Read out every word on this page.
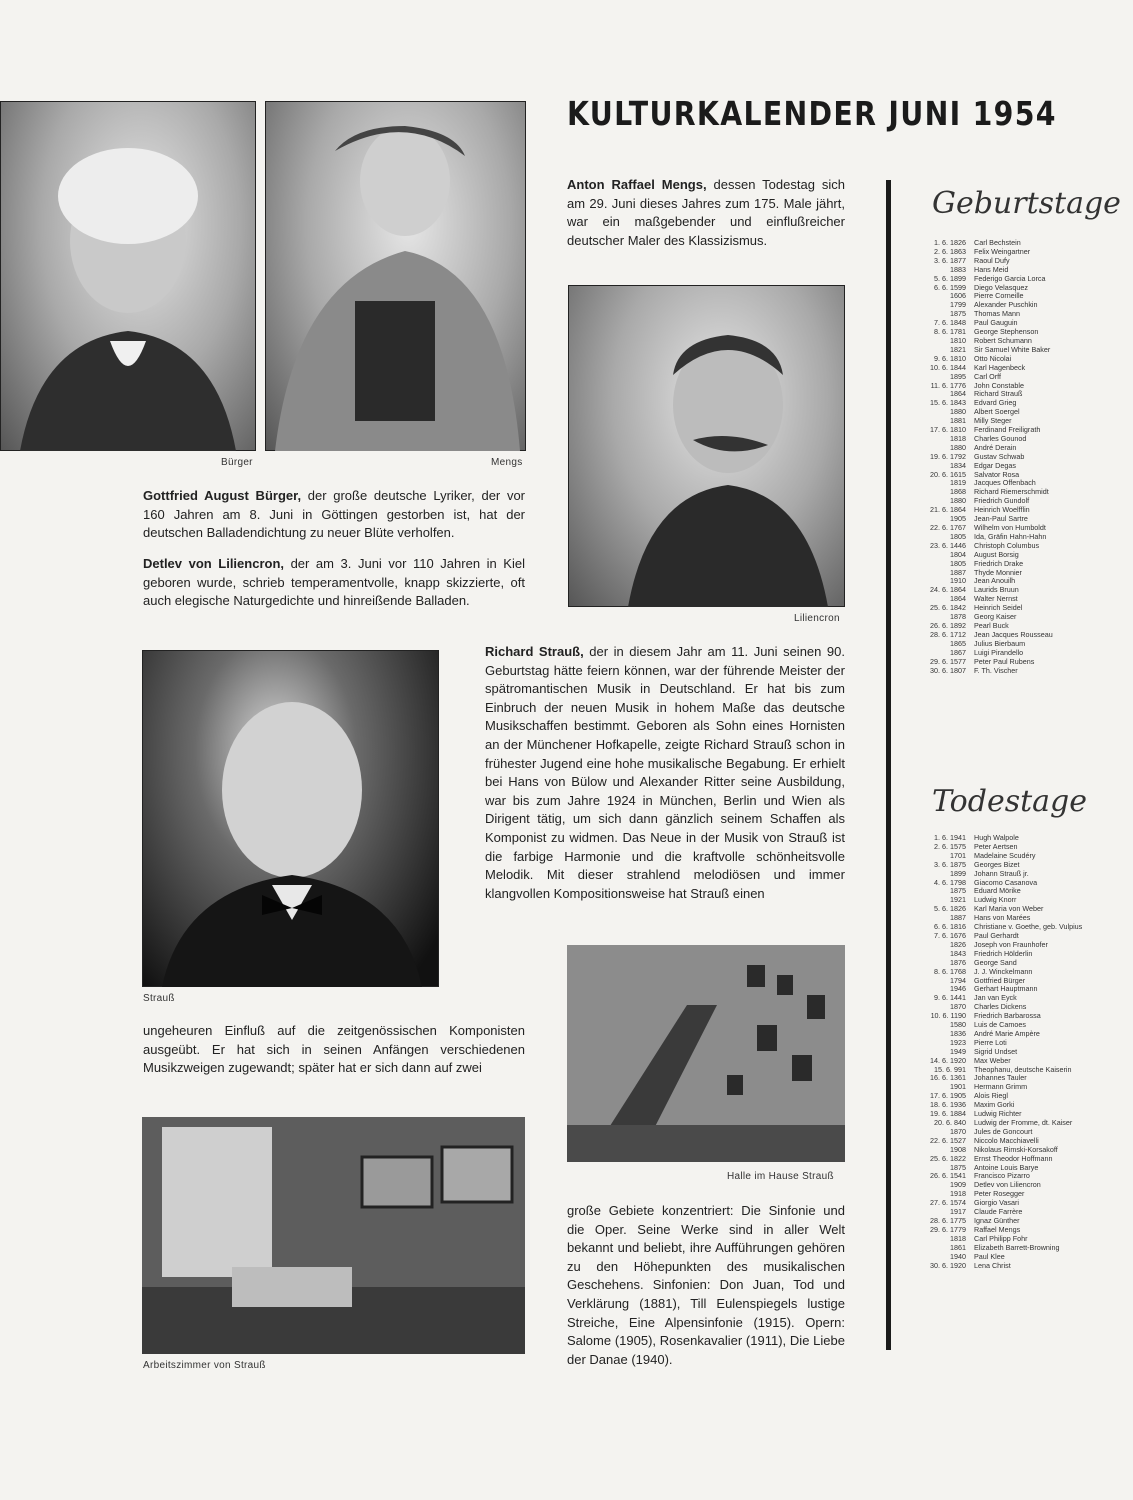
KULTURKALENDER JUNI 1954
Bürger	Mengs
Anton Raffael Mengs, dessen Todestag sich am 29. Juni dieses Jahres zum 175. Male jährt, war ein maßgebender und einflußreicher deutscher Maler des Klassizismus.
Liliencron
Gottfried August Bürger, der große deutsche Lyriker, der vor 160 Jahren am 8. Juni in Göttingen gestorben ist, hat der deutschen Balladendichtung zu neuer Blüte verholfen.
Detlev von Liliencron, der am 3. Juni vor 110 Jahren in Kiel geboren wurde, schrieb temperamentvolle, knapp skizzierte, oft auch elegische Naturgedichte und hinreißende Balladen.
Strauß
Richard Strauß, der in diesem Jahr am 11. Juni seinen 90. Geburtstag hätte feiern können, war der führende Meister der spätromantischen Musik in Deutschland. Er hat bis zum Einbruch der neuen Musik in hohem Maße das deutsche Musikschaffen bestimmt. Geboren als Sohn eines Hornisten an der Münchener Hofkapelle, zeigte Richard Strauß schon in frühester Jugend eine hohe musikalische Begabung. Er erhielt bei Hans von Bülow und Alexander Ritter seine Ausbildung, war bis zum Jahre 1924 in München, Berlin und Wien als Dirigent tätig, um sich dann gänzlich seinem Schaffen als Komponist zu widmen. Das Neue in der Musik von Strauß ist die farbige Harmonie und die kraftvolle schönheitsvolle Melodik. Mit dieser strahlend melodiösen und immer klangvollen Kompositionsweise hat Strauß einen
Halle im Hause Strauß
ungeheuren Einfluß auf die zeitgenössischen Komponisten ausgeübt. Er hat sich in seinen Anfängen verschiedenen Musikzweigen zugewandt; später hat er sich dann auf zwei
Arbeitszimmer von Strauß
große Gebiete konzentriert: Die Sinfonie und die Oper. Seine Werke sind in aller Welt bekannt und beliebt, ihre Aufführungen gehören zu den Höhepunkten des musikalischen Geschehens. Sinfonien: Don Juan, Tod und Verklärung (1881), Till Eulenspiegels lustige Streiche, Eine Alpensinfonie (1915). Opern: Salome (1905), Rosenkavalier (1911), Die Liebe der Danae (1940).
Geburtstage
1. 6. 1826	Carl Bechstein
2. 6. 1863	Felix Weingartner
3. 6. 1877	Raoul Dufy
1883	Hans Meid
5. 6. 1899	Federigo Garcia Lorca
6. 6. 1599	Diego Velasquez
1606	Pierre Corneille
1799	Alexander Puschkin
1875	Thomas Mann
7. 6. 1848	Paul Gauguin
8. 6. 1781	George Stephenson
1810	Robert Schumann
1821	Sir Samuel White Baker
9. 6. 1810	Otto Nicolai
10. 6. 1844	Karl Hagenbeck
1895	Carl Orff
11. 6. 1776	John Constable
1864	Richard Strauß
15. 6. 1843	Edvard Grieg
1880	Albert Soergel
1881	Milly Steger
17. 6. 1810	Ferdinand Freiligrath
1818	Charles Gounod
1880	André Derain
19. 6. 1792	Gustav Schwab
1834	Edgar Degas
20. 6. 1615	Salvator Rosa
1819	Jacques Offenbach
1868	Richard Riemerschmidt
1880	Friedrich Gundolf
21. 6. 1864	Heinrich Woelfflin
1905	Jean-Paul Sartre
22. 6. 1767	Wilhelm von Humboldt
1805	Ida, Gräfin Hahn-Hahn
23. 6. 1446	Christoph Columbus
1804	August Borsig
1805	Friedrich Drake
1887	Thyde Monnier
1910	Jean Anouilh
24. 6. 1864	Laurids Bruun
1864	Walter Nernst
25. 6. 1842	Heinrich Seidel
1878	Georg Kaiser
26. 6. 1892	Pearl Buck
28. 6. 1712	Jean Jacques Rousseau
1865	Julius Bierbaum
1867	Luigi Pirandello
29. 6. 1577	Peter Paul Rubens
30. 6. 1807	F. Th. Vischer
Todestage
1. 6. 1941	Hugh Walpole
2. 6. 1575	Peter Aertsen
1701	Madelaine Scudéry
3. 6. 1875	Georges Bizet
1899	Johann Strauß jr.
4. 6. 1798	Giacomo Casanova
1875	Eduard Mörike
1921	Ludwig Knorr
5. 6. 1826	Karl Maria von Weber
1887	Hans von Marées
6. 6. 1816	Christiane v. Goethe, geb. Vulpius
7. 6. 1676	Paul Gerhardt
1826	Joseph von Fraunhofer
1843	Friedrich Hölderlin
1876	George Sand
8. 6. 1768	J. J. Winckelmann
1794	Gottfried Bürger
1946	Gerhart Hauptmann
9. 6. 1441	Jan van Eyck
1870	Charles Dickens
10. 6. 1190	Friedrich Barbarossa
1580	Luis de Camoes
1836	André Marie Ampère
1923	Pierre Loti
1949	Sigrid Undset
14. 6. 1920	Max Weber
15. 6. 991	Theophanu, deutsche Kaiserin
16. 6. 1361	Johannes Tauler
1901	Hermann Grimm
17. 6. 1905	Alois Riegl
18. 6. 1936	Maxim Gorki
19. 6. 1884	Ludwig Richter
20. 6. 840	Ludwig der Fromme, dt. Kaiser
1870	Jules de Goncourt
22. 6. 1527	Niccolo Macchiavelli
1908	Nikolaus Rimski-Korsakoff
25. 6. 1822	Ernst Theodor Hoffmann
1875	Antoine Louis Barye
26. 6. 1541	Francisco Pizarro
1909	Detlev von Liliencron
1918	Peter Rosegger
27. 6. 1574	Giorgio Vasari
1917	Claude Farrère
28. 6. 1775	Ignaz Günther
29. 6. 1779	Raffael Mengs
1818	Carl Philipp Fohr
1861	Elizabeth Barrett-Browning
1940	Paul Klee
30. 6. 1920	Lena Christ
